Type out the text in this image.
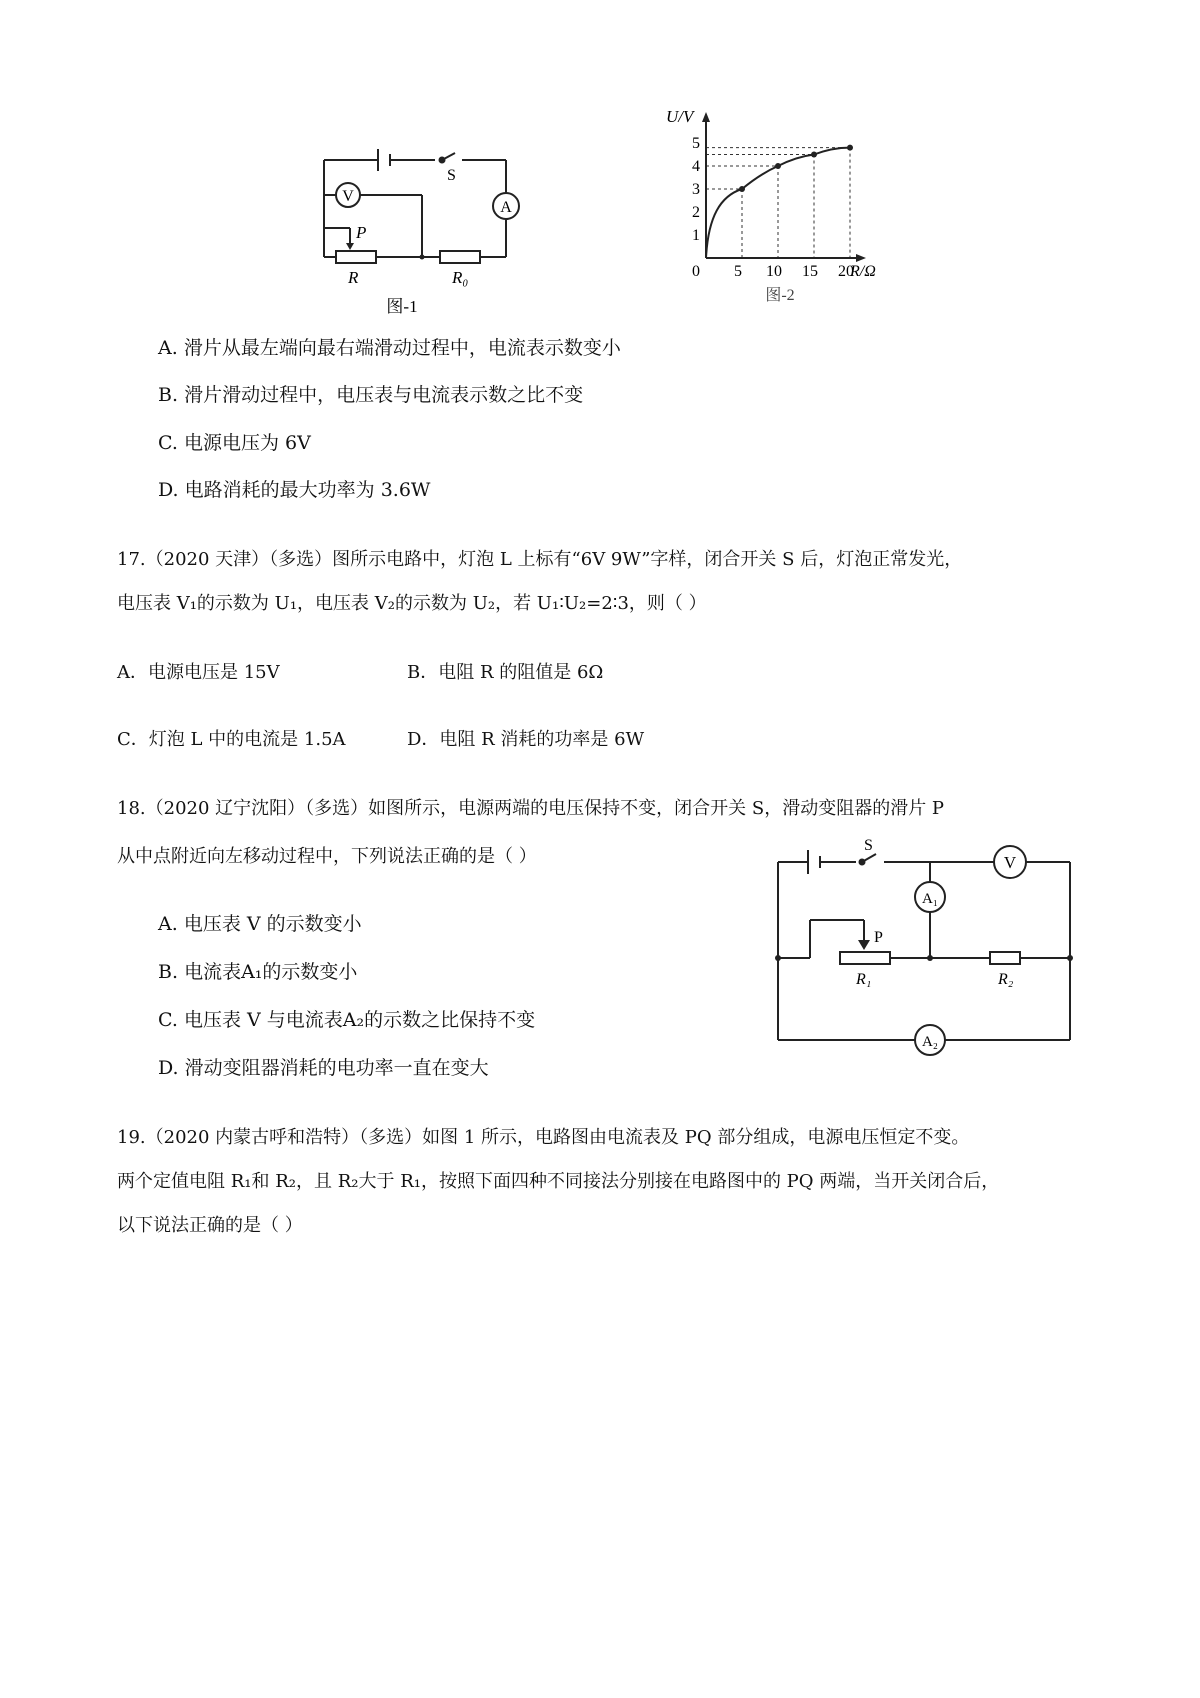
V
A
S
P
R	R₀
图-1
0 5 10 15 20
1
2
3
4
5
U/V
R/Ω
图-2
A. 滑片从最左端向最右端滑动过程中，电流表示数变小
B. 滑片滑动过程中，电压表与电流表示数之比不变
C. 电源电压为 6V
D. 电路消耗的最大功率为 3.6W
17.（2020 天津）（多选）图所示电路中，灯泡 L 上标有“6V 9W”字样，闭合开关 S 后，灯泡正常发光，
电压表 V₁的示数为 U₁，电压表 V₂的示数为 U₂，若 U₁∶U₂=2∶3，则（ ）
A．电源电压是 15V	B．电阻 R 的阻值是 6Ω
C．灯泡 L 中的电流是 1.5A	D．电阻 R 消耗的功率是 6W
18.（2020 辽宁沈阳）（多选）如图所示，电源两端的电压保持不变，闭合开关 S，滑动变阻器的滑片 P
从中点附近向左移动过程中，下列说法正确的是（ ）
A. 电压表 V 的示数变小
B. 电流表A₁的示数变小
C. 电压表 V 与电流表A₂的示数之比保持不变
D. 滑动变阻器消耗的电功率一直在变大
S
V
A₁
A₂
P
R₁	R₂
19.（2020 内蒙古呼和浩特）（多选）如图 1 所示，电路图由电流表及 PQ 部分组成，电源电压恒定不变。
两个定值电阻 R₁和 R₂，且 R₂大于 R₁，按照下面四种不同接法分别接在电路图中的 PQ 两端，当开关闭合后，
以下说法正确的是（ ）
